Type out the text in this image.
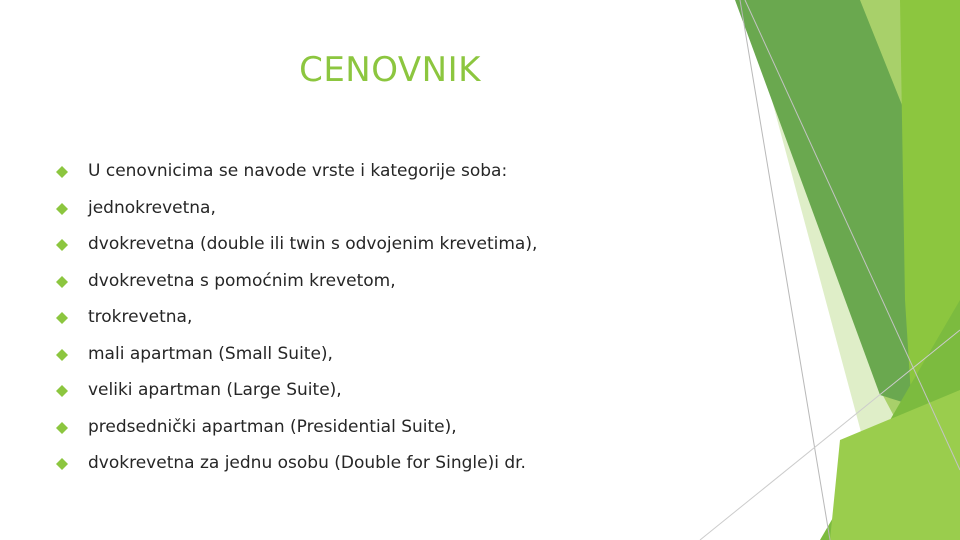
CENOVNIK
U cenovnicima se navode vrste i kategorije soba:
jednokrevetna,
dvokrevetna (double ili twin s odvojenim krevetima),
dvokrevetna s pomoćnim krevetom,
trokrevetna,
mali apartman (Small Suite),
veliki apartman (Large Suite),
predsednički apartman (Presidential Suite),
dvokrevetna za jednu osobu (Double for Single)i dr.
